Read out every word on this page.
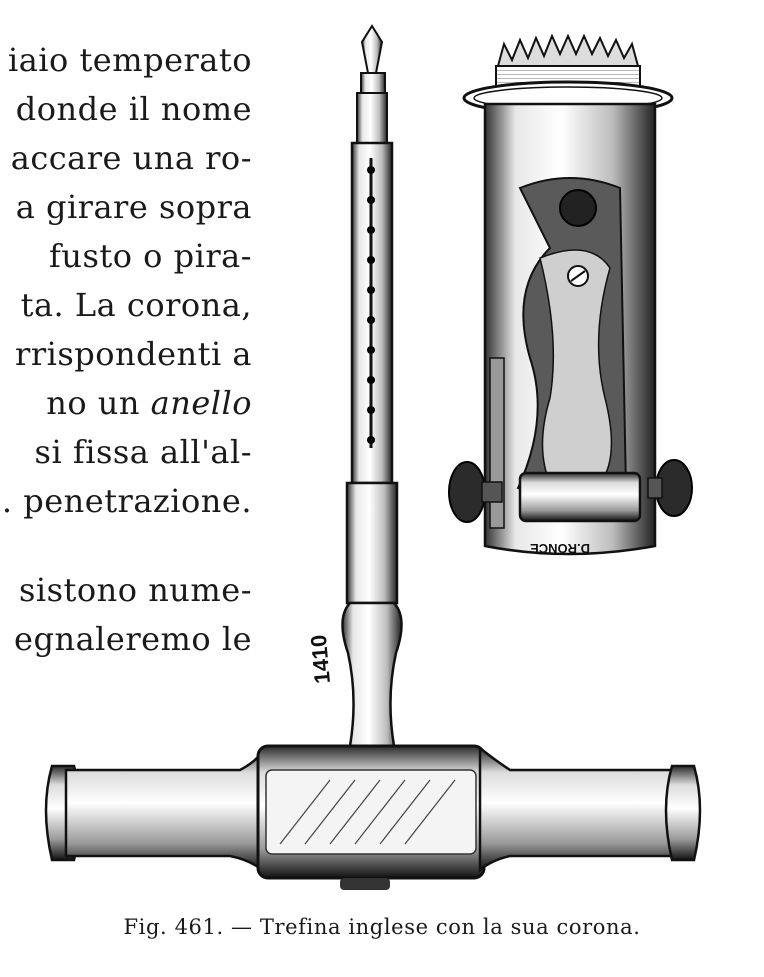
iaio temperato
donde il nome
accare una ro-
a girare sopra
fusto o pira-
ta. La corona,
rrispondenti a
no un anello
si fissa all'al-
. penetrazione.
sistono nume-
egnaleremo le 1410
D.RONCE
Fig. 461. — Trefina inglese con la sua corona.
